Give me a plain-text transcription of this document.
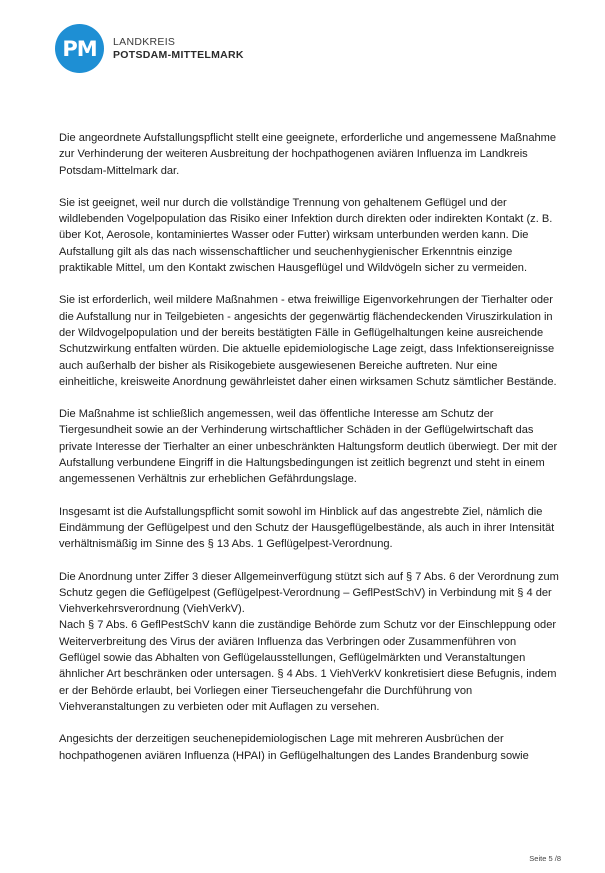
PM	LANDKREIS
POTSDAM-MITTELMARK

Die angeordnete Aufstallungspflicht stellt eine geeignete, erforderliche und angemessene Maßnahme zur Verhinderung der weiteren Ausbreitung der hochpathogenen aviären Influenza im Landkreis Potsdam-Mittelmark dar.

Sie ist geeignet, weil nur durch die vollständige Trennung von gehaltenem Geflügel und der wildlebenden Vogelpopulation das Risiko einer Infektion durch direkten oder indirekten Kontakt (z. B. über Kot, Aerosole, kontaminiertes Wasser oder Futter) wirksam unterbunden werden kann. Die Aufstallung gilt als das nach wissenschaftlicher und seuchenhygienischer Erkenntnis einzige praktikable Mittel, um den Kontakt zwischen Hausgeflügel und Wildvögeln sicher zu vermeiden.

Sie ist erforderlich, weil mildere Maßnahmen - etwa freiwillige Eigenvorkehrungen der Tierhalter oder die Aufstallung nur in Teilgebieten - angesichts der gegenwärtig flächendeckenden Viruszirkulation in der Wildvogelpopulation und der bereits bestätigten Fälle in Geflügelhaltungen keine ausreichende Schutzwirkung entfalten würden. Die aktuelle epidemiologische Lage zeigt, dass Infektionsereignisse auch außerhalb der bisher als Risikogebiete ausgewiesenen Bereiche auftreten. Nur eine einheitliche, kreisweite Anordnung gewährleistet daher einen wirksamen Schutz sämtlicher Bestände.

Die Maßnahme ist schließlich angemessen, weil das öffentliche Interesse am Schutz der Tiergesundheit sowie an der Verhinderung wirtschaftlicher Schäden in der Geflügelwirtschaft das private Interesse der Tierhalter an einer unbeschränkten Haltungsform deutlich überwiegt. Der mit der Aufstallung verbundene Eingriff in die Haltungsbedingungen ist zeitlich begrenzt und steht in einem angemessenen Verhältnis zur erheblichen Gefährdungslage.

Insgesamt ist die Aufstallungspflicht somit sowohl im Hinblick auf das angestrebte Ziel, nämlich die Eindämmung der Geflügelpest und den Schutz der Hausgeflügelbestände, als auch in ihrer Intensität verhältnismäßig im Sinne des § 13 Abs. 1 Geflügelpest-Verordnung.

Die Anordnung unter Ziffer 3 dieser Allgemeinverfügung stützt sich auf § 7 Abs. 6 der Verordnung zum Schutz gegen die Geflügelpest (Geflügelpest-Verordnung – GeflPestSchV) in Verbindung mit § 4 der Viehverkehrsverordnung (ViehVerkV).

Nach § 7 Abs. 6 GeflPestSchV kann die zuständige Behörde zum Schutz vor der Einschleppung oder Weiterverbreitung des Virus der aviären Influenza das Verbringen oder Zusammenführen von Geflügel sowie das Abhalten von Geflügelausstellungen, Geflügelmärkten und Veranstaltungen ähnlicher Art beschränken oder untersagen. § 4 Abs. 1 ViehVerkV konkretisiert diese Befugnis, indem er der Behörde erlaubt, bei Vorliegen einer Tierseuchengefahr die Durchführung von Viehveranstaltungen zu verbieten oder mit Auflagen zu versehen.

Angesichts der derzeitigen seuchenepidemiologischen Lage mit mehreren Ausbrüchen der hochpathogenen aviären Influenza (HPAI) in Geflügelhaltungen des Landes Brandenburg sowie

Seite 5 /8
